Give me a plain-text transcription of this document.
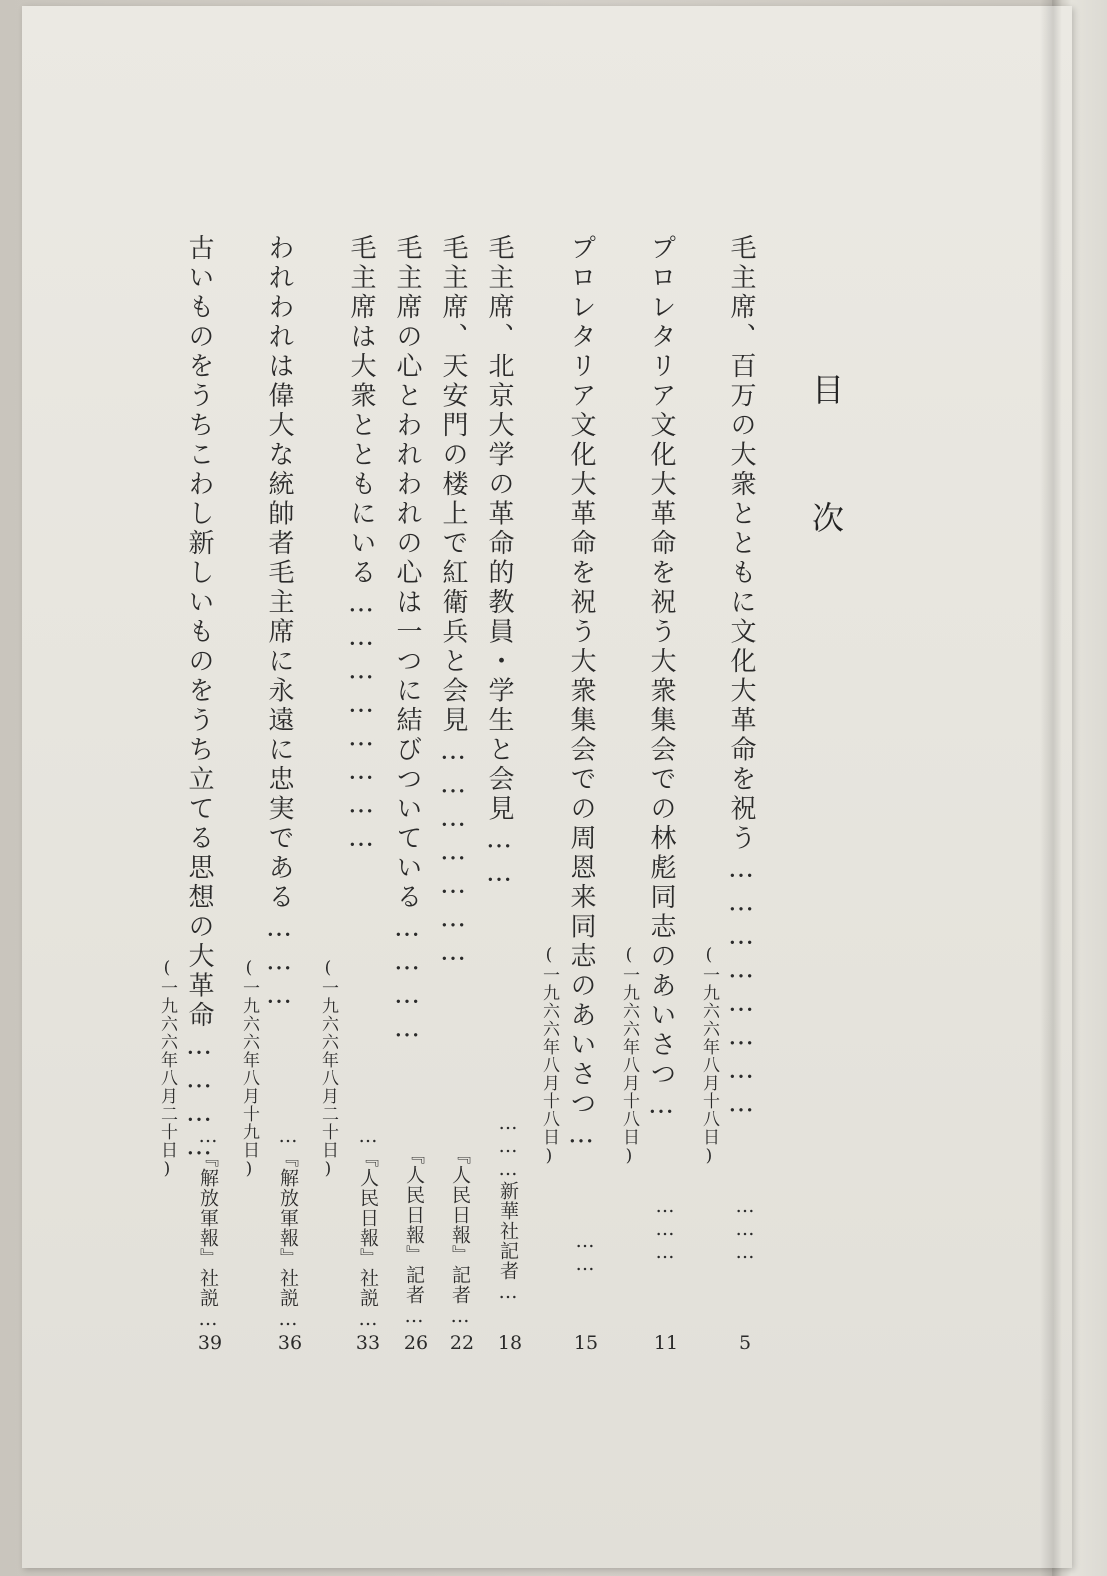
目
次
毛主席、百万の大衆とともに文化大革命を祝う……………………
(一九六六年八月十八日)
………
5
プロレタリア文化大革命を祝う大衆集会での林彪同志のあいさつ…
(一九六六年八月十八日)
………
11
プロレタリア文化大革命を祝う大衆集会での周恩来同志のあいさつ…
(一九六六年八月十八日)
……
15
毛主席、北京大学の革命的教員・学生と会見……
………新華社記者…
18
毛主席、天安門の楼上で紅衛兵と会見…………………
『人民日報』記者…
22
毛主席の心とわれわれの心は一つに結びついている…………
『人民日報』記者…
26
毛主席は大衆とともにいる……………………
(一九六六年八月二十日)
…『人民日報』社説…
33
われわれは偉大な統帥者毛主席に永遠に忠実である………
(一九六六年八月十九日)
…『解放軍報』社説…
36
古いものをうちこわし新しいものをうち立てる思想の大革命…………
(一九六六年八月二十日)
…『解放軍報』社説…
39
